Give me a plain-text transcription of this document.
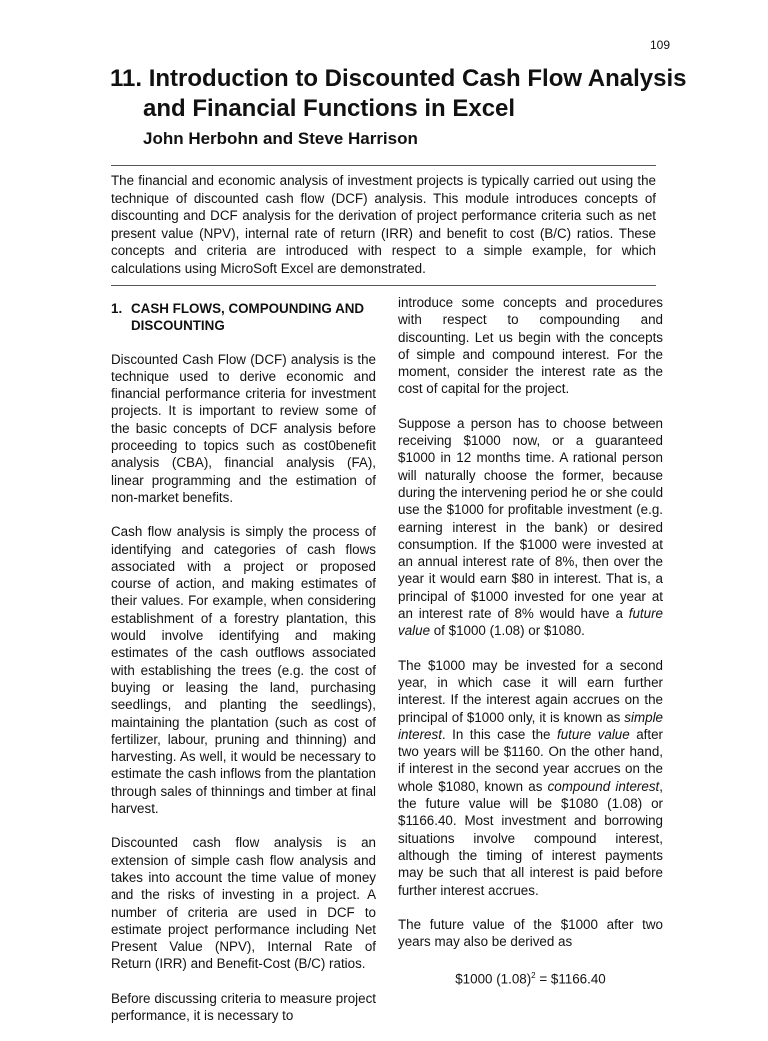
109
11. Introduction to Discounted Cash Flow Analysis
and Financial Functions in Excel

John Herbohn and Steve Harrison

The financial and economic analysis of investment projects is typically carried out using the technique of discounted cash flow (DCF) analysis. This module introduces concepts of discounting and DCF analysis for the derivation of project performance criteria such as net present value (NPV), internal rate of return (IRR) and benefit to cost (B/C) ratios. These concepts and criteria are introduced with respect to a simple example, for which calculations using MicroSoft Excel are demonstrated.

1. CASH FLOWS, COMPOUNDING AND DISCOUNTING

Discounted Cash Flow (DCF) analysis is the technique used to derive economic and financial performance criteria for investment projects. It is important to review some of the basic concepts of DCF analysis before proceeding to topics such as cost0benefit analysis (CBA), financial analysis (FA), linear programming and the estimation of non-market benefits.

Cash flow analysis is simply the process of identifying and categories of cash flows associated with a project or proposed course of action, and making estimates of their values. For example, when considering establishment of a forestry plantation, this would involve identifying and making estimates of the cash outflows associated with establishing the trees (e.g. the cost of buying or leasing the land, purchasing seedlings, and planting the seedlings), maintaining the plantation (such as cost of fertilizer, labour, pruning and thinning) and harvesting. As well, it would be necessary to estimate the cash inflows from the plantation through sales of thinnings and timber at final harvest.

Discounted cash flow analysis is an extension of simple cash flow analysis and takes into account the time value of money and the risks of investing in a project. A number of criteria are used in DCF to estimate project performance including Net Present Value (NPV), Internal Rate of Return (IRR) and Benefit-Cost (B/C) ratios.

Before discussing criteria to measure project performance, it is necessary to

introduce some concepts and procedures with respect to compounding and discounting. Let us begin with the concepts of simple and compound interest. For the moment, consider the interest rate as the cost of capital for the project.

Suppose a person has to choose between receiving $1000 now, or a guaranteed $1000 in 12 months time. A rational person will naturally choose the former, because during the intervening period he or she could use the $1000 for profitable investment (e.g. earning interest in the bank) or desired consumption. If the $1000 were invested at an annual interest rate of 8%, then over the year it would earn $80 in interest. That is, a principal of $1000 invested for one year at an interest rate of 8% would have a future value of $1000 (1.08) or $1080.

The $1000 may be invested for a second year, in which case it will earn further interest. If the interest again accrues on the principal of $1000 only, it is known as simple interest. In this case the future value after two years will be $1160. On the other hand, if interest in the second year accrues on the whole $1080, known as compound interest, the future value will be $1080 (1.08) or $1166.40. Most investment and borrowing situations involve compound interest, although the timing of interest payments may be such that all interest is paid before further interest accrues.

The future value of the $1000 after two years may also be derived as

$1000 $(1.08)^2$ = $1166.40
